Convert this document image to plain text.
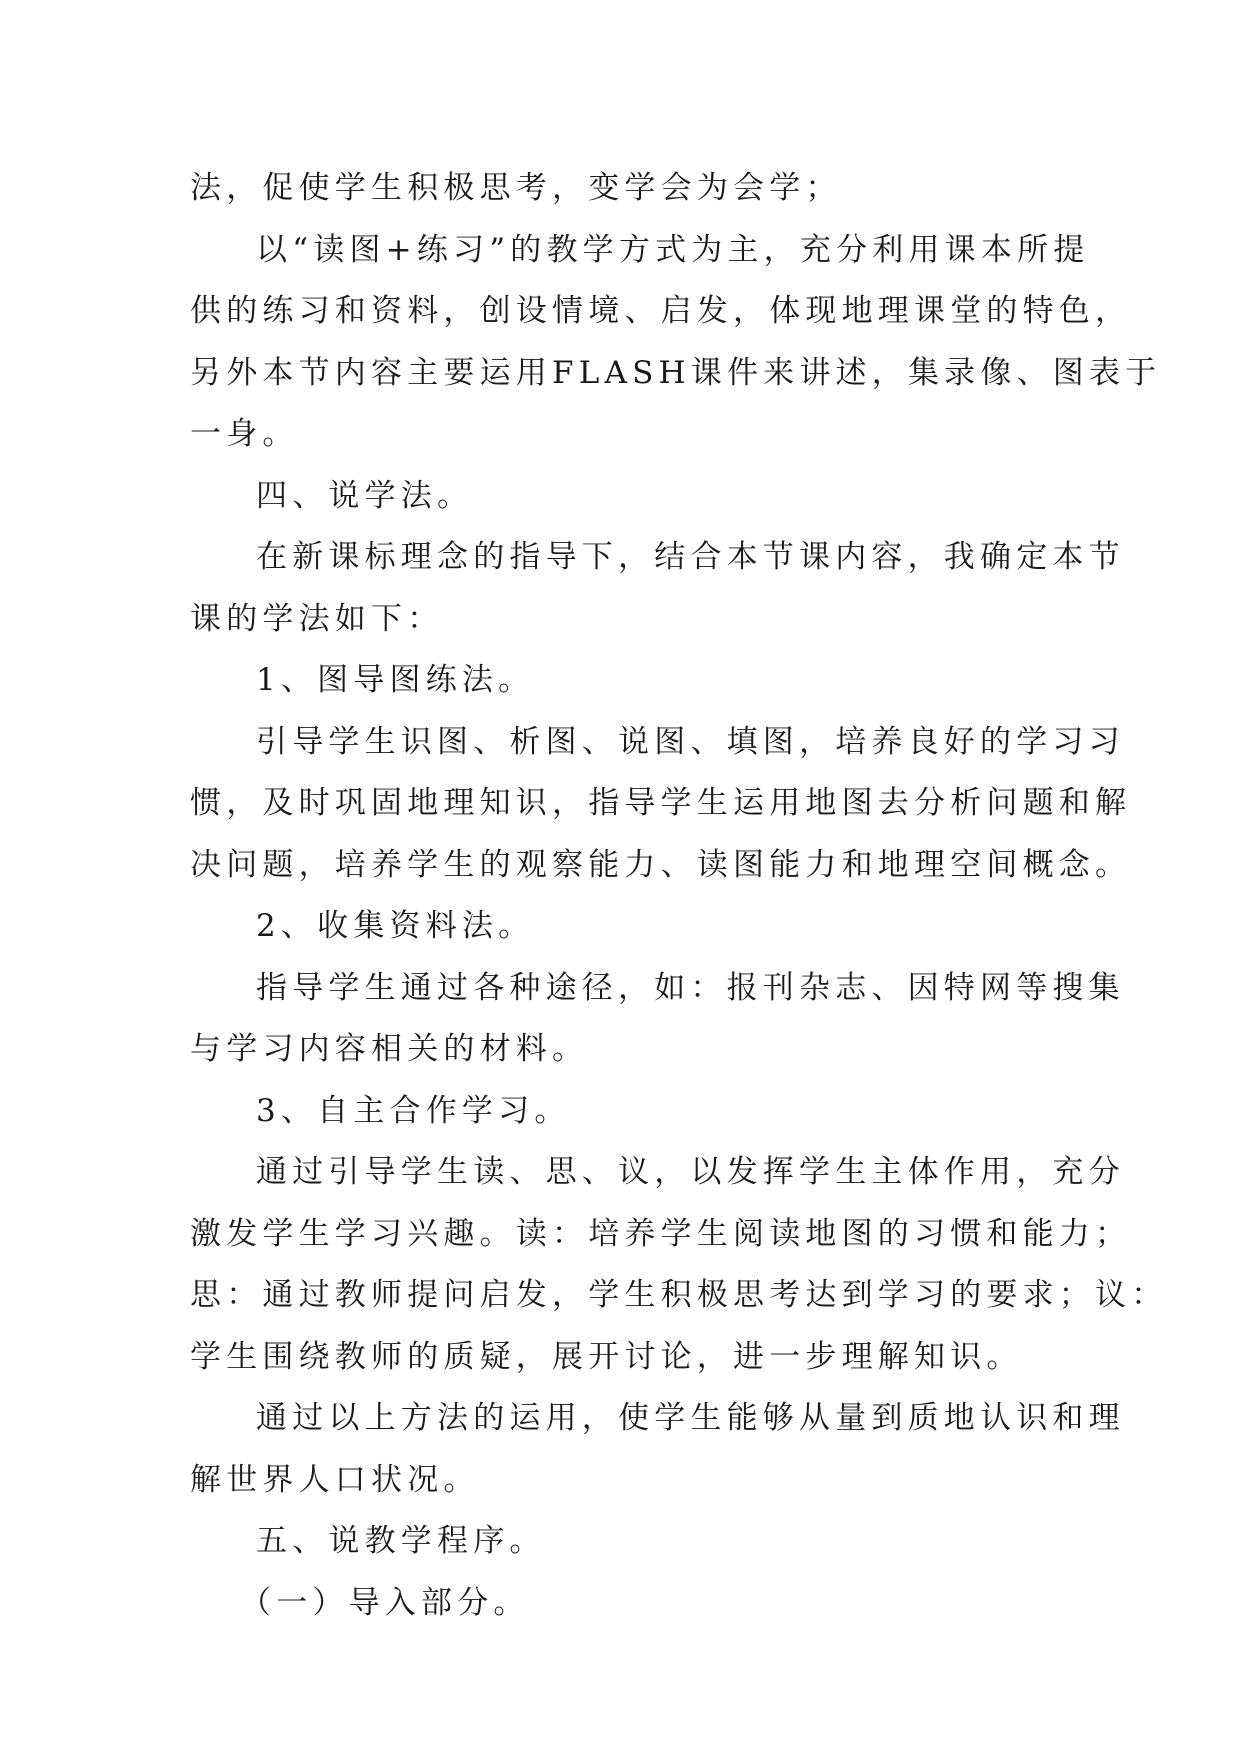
法，促使学生积极思考，变学会为会学；
以“读图+练习”的教学方式为主，充分利用课本所提
供的练习和资料，创设情境、启发，体现地理课堂的特色，
另外本节内容主要运用FLASH课件来讲述，集录像、图表于
一身。
四、说学法。
在新课标理念的指导下，结合本节课内容，我确定本节
课的学法如下：
1、图导图练法。
引导学生识图、析图、说图、填图，培养良好的学习习
惯，及时巩固地理知识，指导学生运用地图去分析问题和解
决问题，培养学生的观察能力、读图能力和地理空间概念。
2、收集资料法。
指导学生通过各种途径，如：报刊杂志、因特网等搜集
与学习内容相关的材料。
3、自主合作学习。
通过引导学生读、思、议，以发挥学生主体作用，充分
激发学生学习兴趣。读：培养学生阅读地图的习惯和能力；
思：通过教师提问启发，学生积极思考达到学习的要求；议：
学生围绕教师的质疑，展开讨论，进一步理解知识。
通过以上方法的运用，使学生能够从量到质地认识和理
解世界人口状况。
五、说教学程序。
（一）导入部分。
